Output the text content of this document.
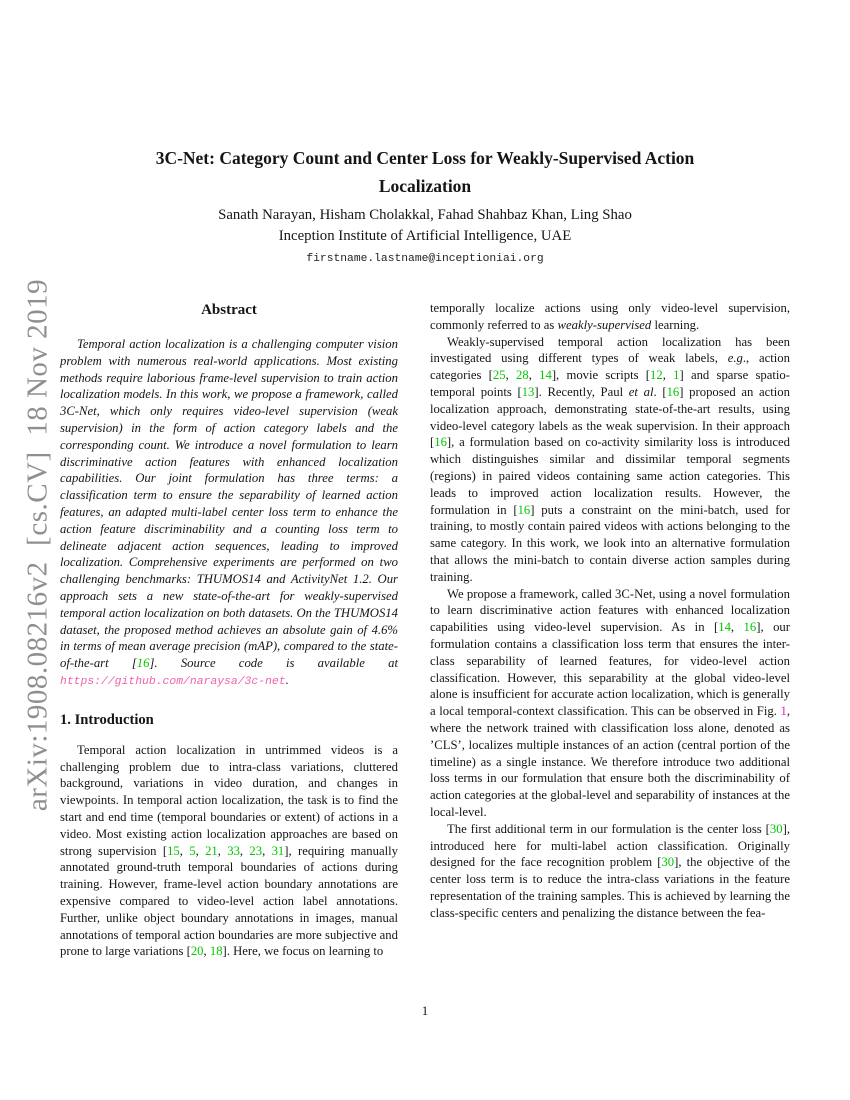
arXiv:1908.08216v2  [cs.CV]  18 Nov 2019
3C-Net: Category Count and Center Loss for Weakly-Supervised Action
Localization
Sanath Narayan, Hisham Cholakkal, Fahad Shahbaz Khan, Ling Shao
Inception Institute of Artificial Intelligence, UAE
firstname.lastname@inceptioniai.org
Abstract

Temporal action localization is a challenging computer vision problem with numerous real-world applications. Most existing methods require laborious frame-level supervision to train action localization models. In this work, we propose a framework, called 3C-Net, which only requires video-level supervision (weak supervision) in the form of action category labels and the corresponding count. We introduce a novel formulation to learn discriminative action features with enhanced localization capabilities. Our joint formulation has three terms: a classification term to ensure the separability of learned action features, an adapted multi-label center loss term to enhance the action feature discriminability and a counting loss term to delineate adjacent action sequences, leading to improved localization. Comprehensive experiments are performed on two challenging benchmarks: THUMOS14 and ActivityNet 1.2. Our approach sets a new state-of-the-art for weakly-supervised temporal action localization on both datasets. On the THUMOS14 dataset, the proposed method achieves an absolute gain of 4.6% in terms of mean average precision (mAP), compared to the state-of-the-art [16]. Source code is available at https://github.com/naraysa/3c-net.

1. Introduction

Temporal action localization in untrimmed videos is a challenging problem due to intra-class variations, cluttered background, variations in video duration, and changes in viewpoints. In temporal action localization, the task is to find the start and end time (temporal boundaries or extent) of actions in a video. Most existing action localization approaches are based on strong supervision [15, 5, 21, 33, 23, 31], requiring manually annotated ground-truth temporal boundaries of actions during training. However, frame-level action boundary annotations are expensive compared to video-level action label annotations. Further, unlike object boundary annotations in images, manual annotations of temporal action boundaries are more subjective and prone to large variations [20, 18]. Here, we focus on learning to

temporally localize actions using only video-level supervision, commonly referred to as weakly-supervised learning.

Weakly-supervised temporal action localization has been investigated using different types of weak labels, e.g., action categories [25, 28, 14], movie scripts [12, 1] and sparse spatio-temporal points [13]. Recently, Paul et al. [16] proposed an action localization approach, demonstrating state-of-the-art results, using video-level category labels as the weak supervision. In their approach [16], a formulation based on co-activity similarity loss is introduced which distinguishes similar and dissimilar temporal segments (regions) in paired videos containing same action categories. This leads to improved action localization results. However, the formulation in [16] puts a constraint on the mini-batch, used for training, to mostly contain paired videos with actions belonging to the same category. In this work, we look into an alternative formulation that allows the mini-batch to contain diverse action samples during training.

We propose a framework, called 3C-Net, using a novel formulation to learn discriminative action features with enhanced localization capabilities using video-level supervision. As in [14, 16], our formulation contains a classification loss term that ensures the inter-class separability of learned features, for video-level action classification. However, this separability at the global video-level alone is insufficient for accurate action localization, which is generally a local temporal-context classification. This can be observed in Fig. 1, where the network trained with classification loss alone, denoted as ’CLS’, localizes multiple instances of an action (central portion of the timeline) as a single instance. We therefore introduce two additional loss terms in our formulation that ensure both the discriminability of action categories at the global-level and separability of instances at the local-level.

The first additional term in our formulation is the center loss [30], introduced here for multi-label action classification. Originally designed for the face recognition problem [30], the objective of the center loss term is to reduce the intra-class variations in the feature representation of the training samples. This is achieved by learning the class-specific centers and penalizing the distance between the fea-

1
